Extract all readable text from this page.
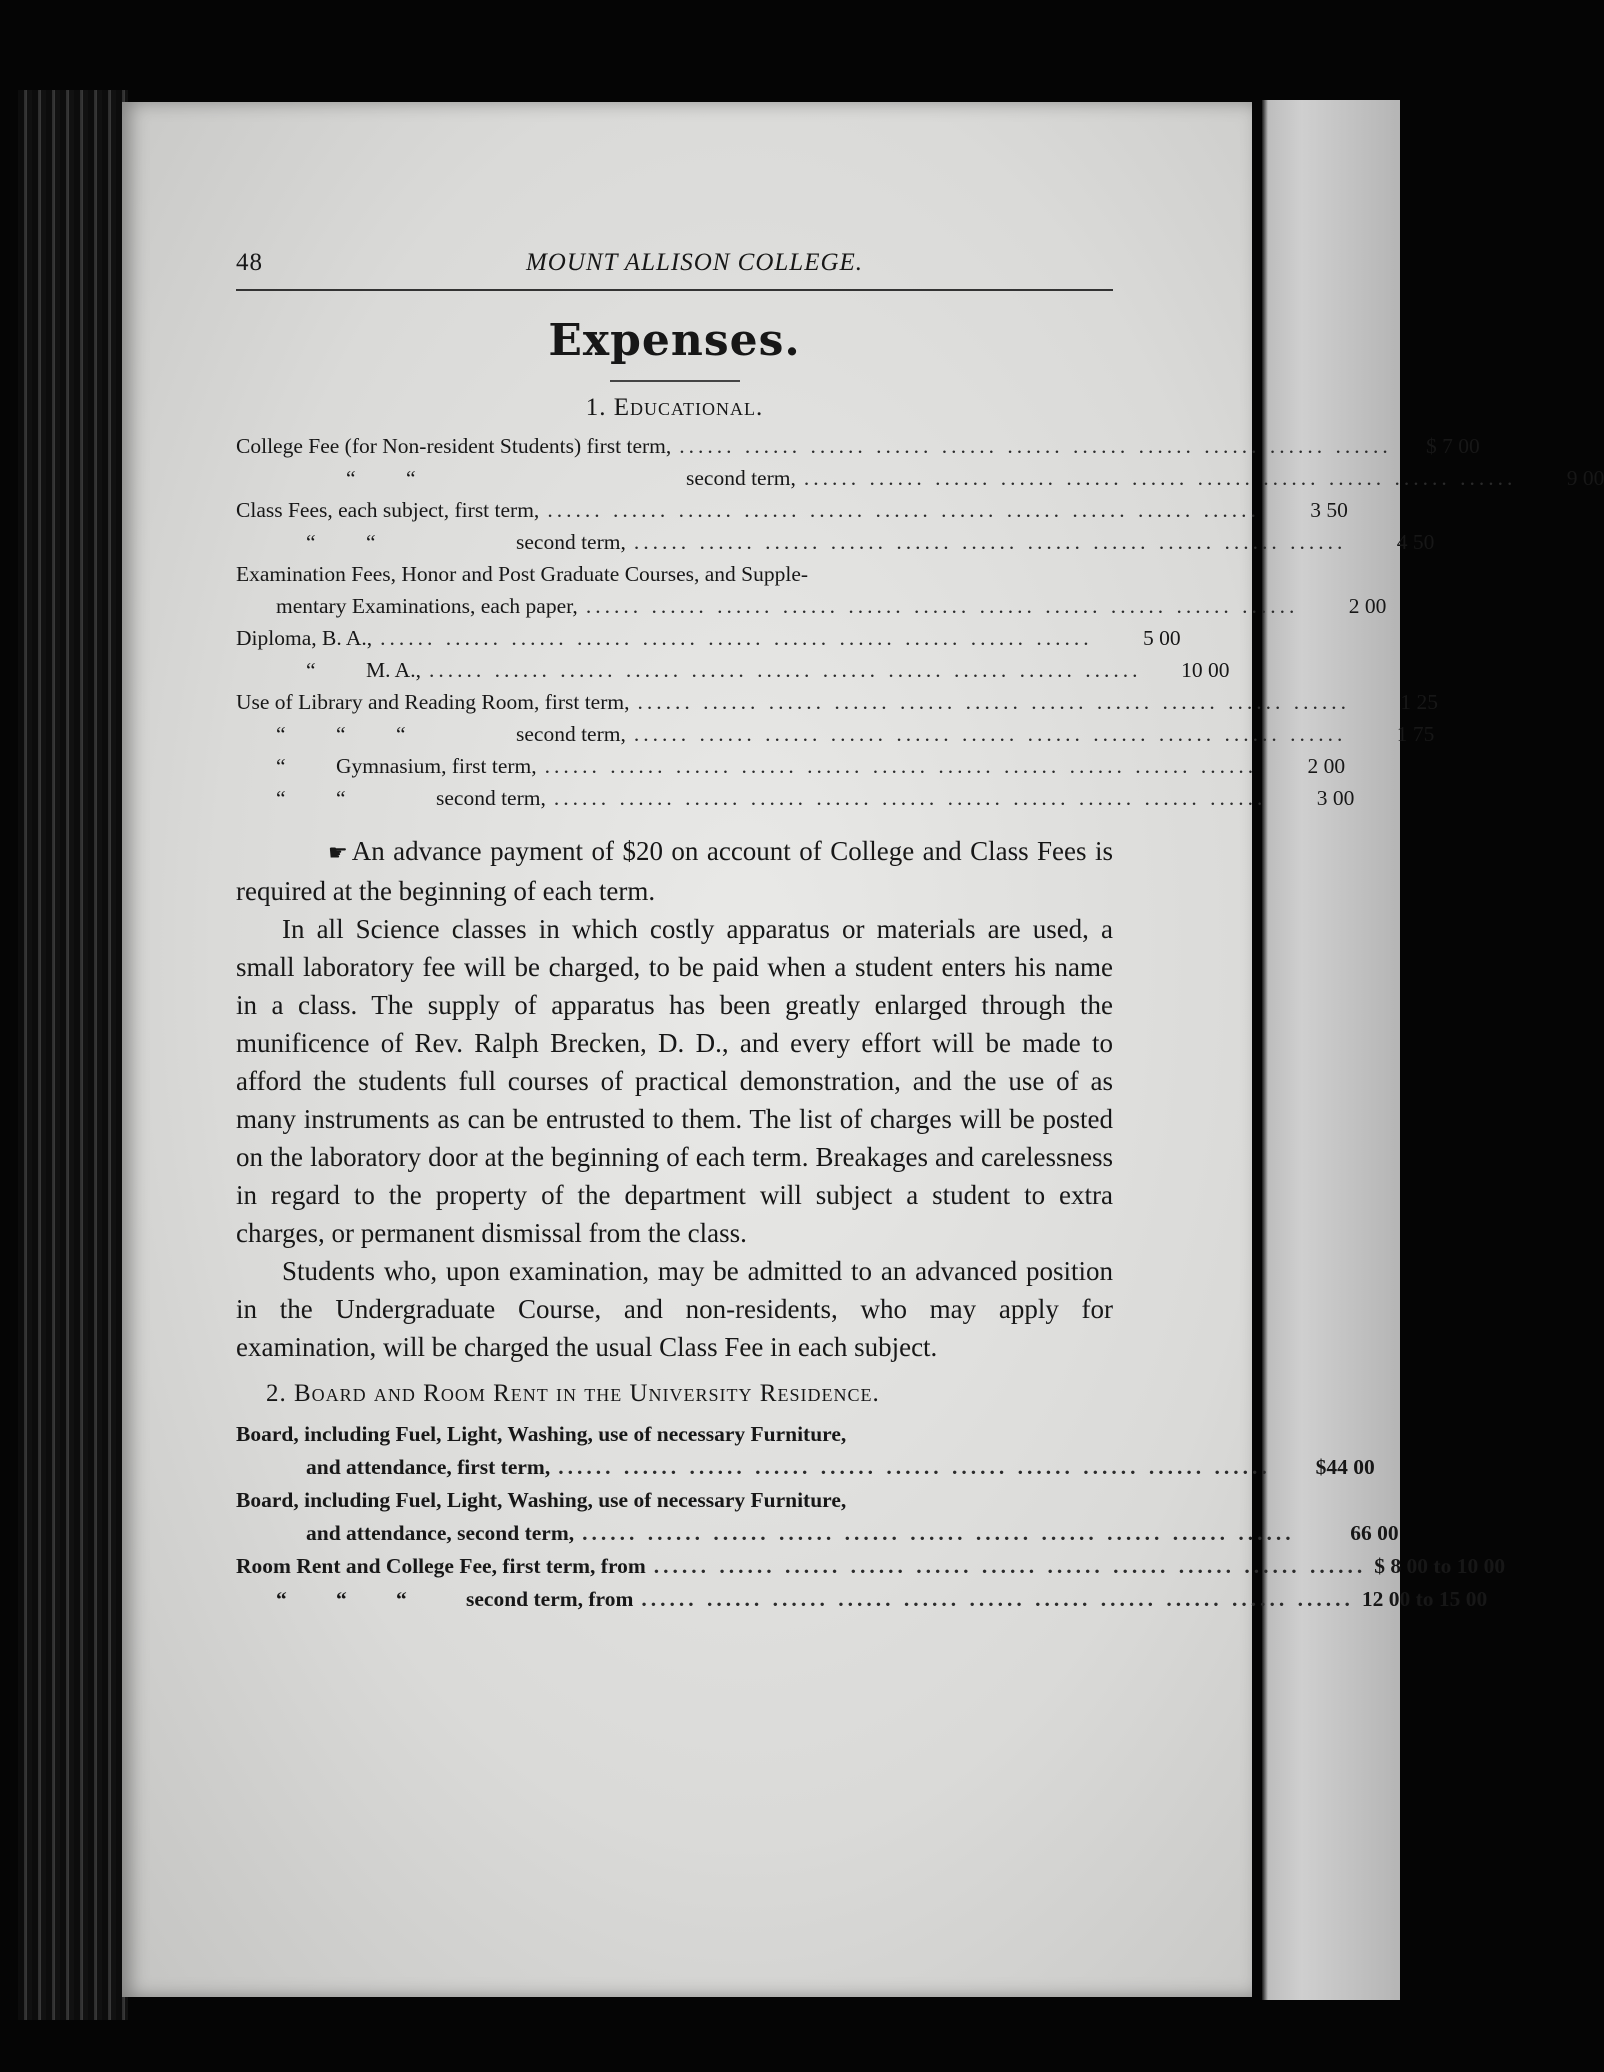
48	MOUNT ALLISON COLLEGE.
Expenses.
1. Educational.
College Fee (for Non-resident Students) first term, .....	$ 7 00
“ “	second term, .....	9 00
Class Fees, each subject, first term, .....	3 50
“ “	second term, .....	4 50
Examination Fees, Honor and Post Graduate Courses, and Supple-
mentary Examinations, each paper, .....	2 00
Diploma, B. A., .....	5 00
“ M. A., .....	10 00
Use of Library and Reading Room, first term, .....	1 25
“ “ “	second term, .....	1 75
“ Gymnasium, first term, .....	2 00
“ “	second term, .....	3 00

☛ An advance payment of $20 on account of College and Class Fees is required at the beginning of each term.

In all Science classes in which costly apparatus or materials are used, a small laboratory fee will be charged, to be paid when a student enters his name in a class. The supply of apparatus has been greatly enlarged through the munificence of Rev. Ralph Brecken, D. D., and every effort will be made to afford the students full courses of practical demonstration, and the use of as many instruments as can be entrusted to them. The list of charges will be posted on the laboratory door at the beginning of each term. Breakages and carelessness in regard to the property of the department will subject a student to extra charges, or permanent dismissal from the class.

Students who, upon examination, may be admitted to an advanced position in the Undergraduate Course, and non-residents, who may apply for examination, will be charged the usual Class Fee in each subject.

2. Board and Room Rent in the University Residence.
Board, including Fuel, Light, Washing, use of necessary Furniture,
and attendance, first term, .....	$44 00
Board, including Fuel, Light, Washing, use of necessary Furniture,
and attendance, second term, .....	66 00
Room Rent and College Fee, first term, from .....	$ 8 00 to 10 00
“ “ “	second term, from .....	12 00 to 15 00
